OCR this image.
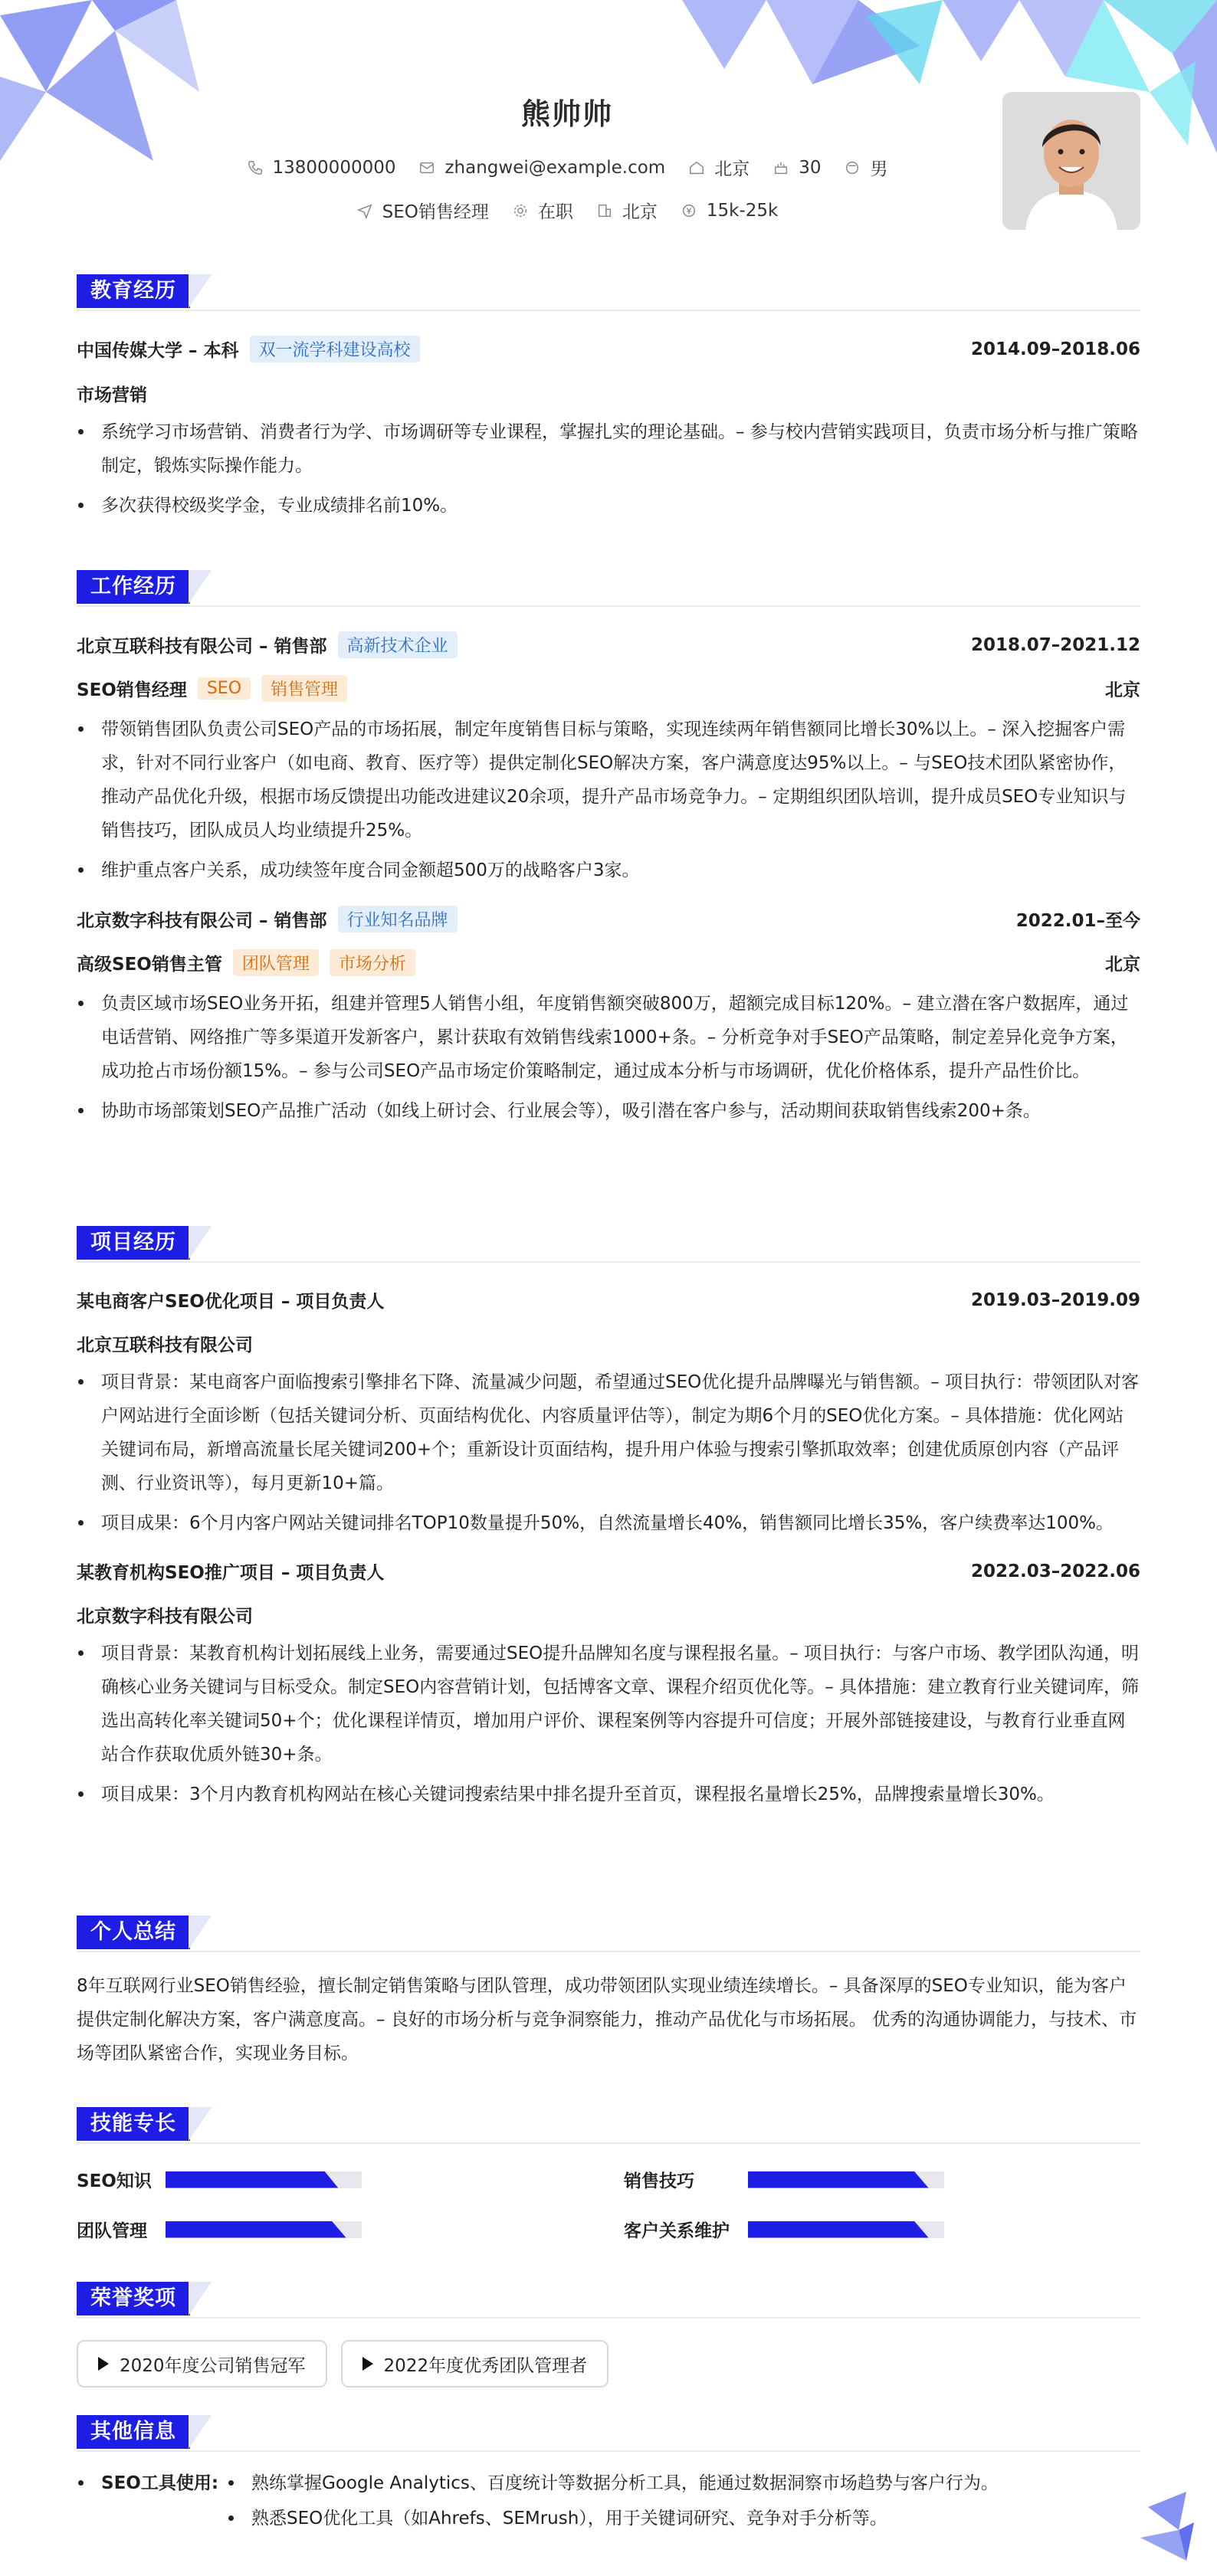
熊帅帅
13800000000	zhangwei@example.com	北京	30	男
SEO销售经理	在职	北京	15k-25k
教育经历
中国传媒大学 – 本科	双一流学科建设高校	2014.09–2018.06
市场营销
系统学习市场营销、消费者行为学、市场调研等专业课程，掌握扎实的理论基础。– 参与校内营销实践项目，负责市场分析与推广策略制定，锻炼实际操作能力。
多次获得校级奖学金，专业成绩排名前10%。
工作经历
北京互联科技有限公司 – 销售部	高新技术企业	2018.07–2021.12
SEO销售经理	SEO	销售管理	北京
带领销售团队负责公司SEO产品的市场拓展，制定年度销售目标与策略，实现连续两年销售额同比增长30%以上。– 深入挖掘客户需求，针对不同行业客户（如电商、教育、医疗等）提供定制化SEO解决方案，客户满意度达95%以上。– 与SEO技术团队紧密协作，推动产品优化升级，根据市场反馈提出功能改进建议20余项，提升产品市场竞争力。– 定期组织团队培训，提升成员SEO专业知识与销售技巧，团队成员人均业绩提升25%。
维护重点客户关系，成功续签年度合同金额超500万的战略客户3家。
北京数字科技有限公司 – 销售部	行业知名品牌	2022.01–至今
高级SEO销售主管	团队管理	市场分析	北京
负责区域市场SEO业务开拓，组建并管理5人销售小组，年度销售额突破800万，超额完成目标120%。– 建立潜在客户数据库，通过电话营销、网络推广等多渠道开发新客户，累计获取有效销售线索1000+条。– 分析竞争对手SEO产品策略，制定差异化竞争方案，成功抢占市场份额15%。– 参与公司SEO产品市场定价策略制定，通过成本分析与市场调研，优化价格体系，提升产品性价比。
协助市场部策划SEO产品推广活动（如线上研讨会、行业展会等），吸引潜在客户参与，活动期间获取销售线索200+条。
项目经历
某电商客户SEO优化项目 – 项目负责人	2019.03–2019.09
北京互联科技有限公司
项目背景：某电商客户面临搜索引擎排名下降、流量减少问题，希望通过SEO优化提升品牌曝光与销售额。– 项目执行：带领团队对客户网站进行全面诊断（包括关键词分析、页面结构优化、内容质量评估等），制定为期6个月的SEO优化方案。– 具体措施：优化网站关键词布局，新增高流量长尾关键词200+个；重新设计页面结构，提升用户体验与搜索引擎抓取效率；创建优质原创内容（产品评测、行业资讯等），每月更新10+篇。
项目成果：6个月内客户网站关键词排名TOP10数量提升50%，自然流量增长40%，销售额同比增长35%，客户续费率达100%。
某教育机构SEO推广项目 – 项目负责人	2022.03–2022.06
北京数字科技有限公司
项目背景：某教育机构计划拓展线上业务，需要通过SEO提升品牌知名度与课程报名量。– 项目执行：与客户市场、教学团队沟通，明确核心业务关键词与目标受众。制定SEO内容营销计划，包括博客文章、课程介绍页优化等。– 具体措施：建立教育行业关键词库，筛选出高转化率关键词50+个；优化课程详情页，增加用户评价、课程案例等内容提升可信度；开展外部链接建设，与教育行业垂直网站合作获取优质外链30+条。
项目成果：3个月内教育机构网站在核心关键词搜索结果中排名提升至首页，课程报名量增长25%，品牌搜索量增长30%。
个人总结
8年互联网行业SEO销售经验，擅长制定销售策略与团队管理，成功带领团队实现业绩连续增长。– 具备深厚的SEO专业知识，能为客户提供定制化解决方案，客户满意度高。– 良好的市场分析与竞争洞察能力，推动产品优化与市场拓展。 优秀的沟通协调能力，与技术、市场等团队紧密合作，实现业务目标。
技能专长
SEO知识	销售技巧
团队管理	客户关系维护
荣誉奖项
2020年度公司销售冠军	2022年度优秀团队管理者
其他信息
SEO工具使用:	熟练掌握Google Analytics、百度统计等数据分析工具，能通过数据洞察市场趋势与客户行为。
熟悉SEO优化工具（如Ahrefs、SEMrush），用于关键词研究、竞争对手分析等。
